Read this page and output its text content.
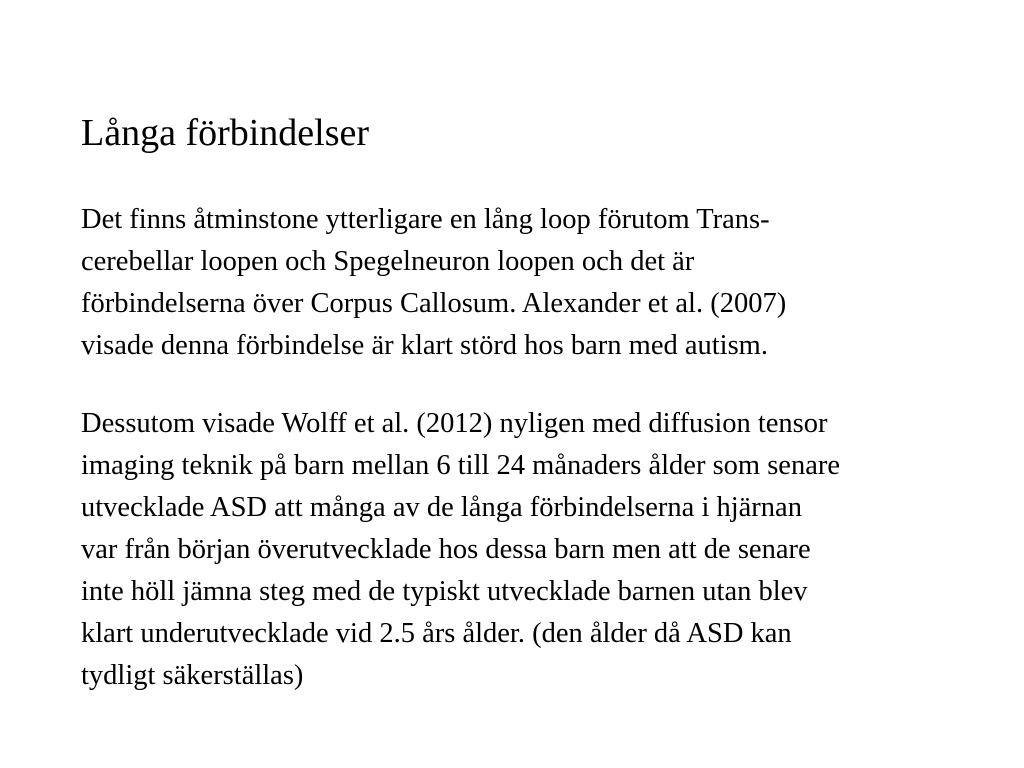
Långa förbindelser
Det finns åtminstone ytterligare en lång loop förutom Trans-
cerebellar loopen och Spegelneuron loopen och det är
förbindelserna över Corpus Callosum. Alexander et al. (2007)
visade denna förbindelse är klart störd hos barn med autism.
Dessutom visade Wolff et al. (2012) nyligen med diffusion tensor
imaging teknik på barn mellan 6 till 24 månaders ålder som senare
utvecklade ASD att många av de långa förbindelserna i hjärnan
var från början överutvecklade hos dessa barn men att de senare
inte höll jämna steg med de typiskt utvecklade barnen utan blev
klart underutvecklade vid 2.5 års ålder. (den ålder då ASD kan
tydligt säkerställas)
